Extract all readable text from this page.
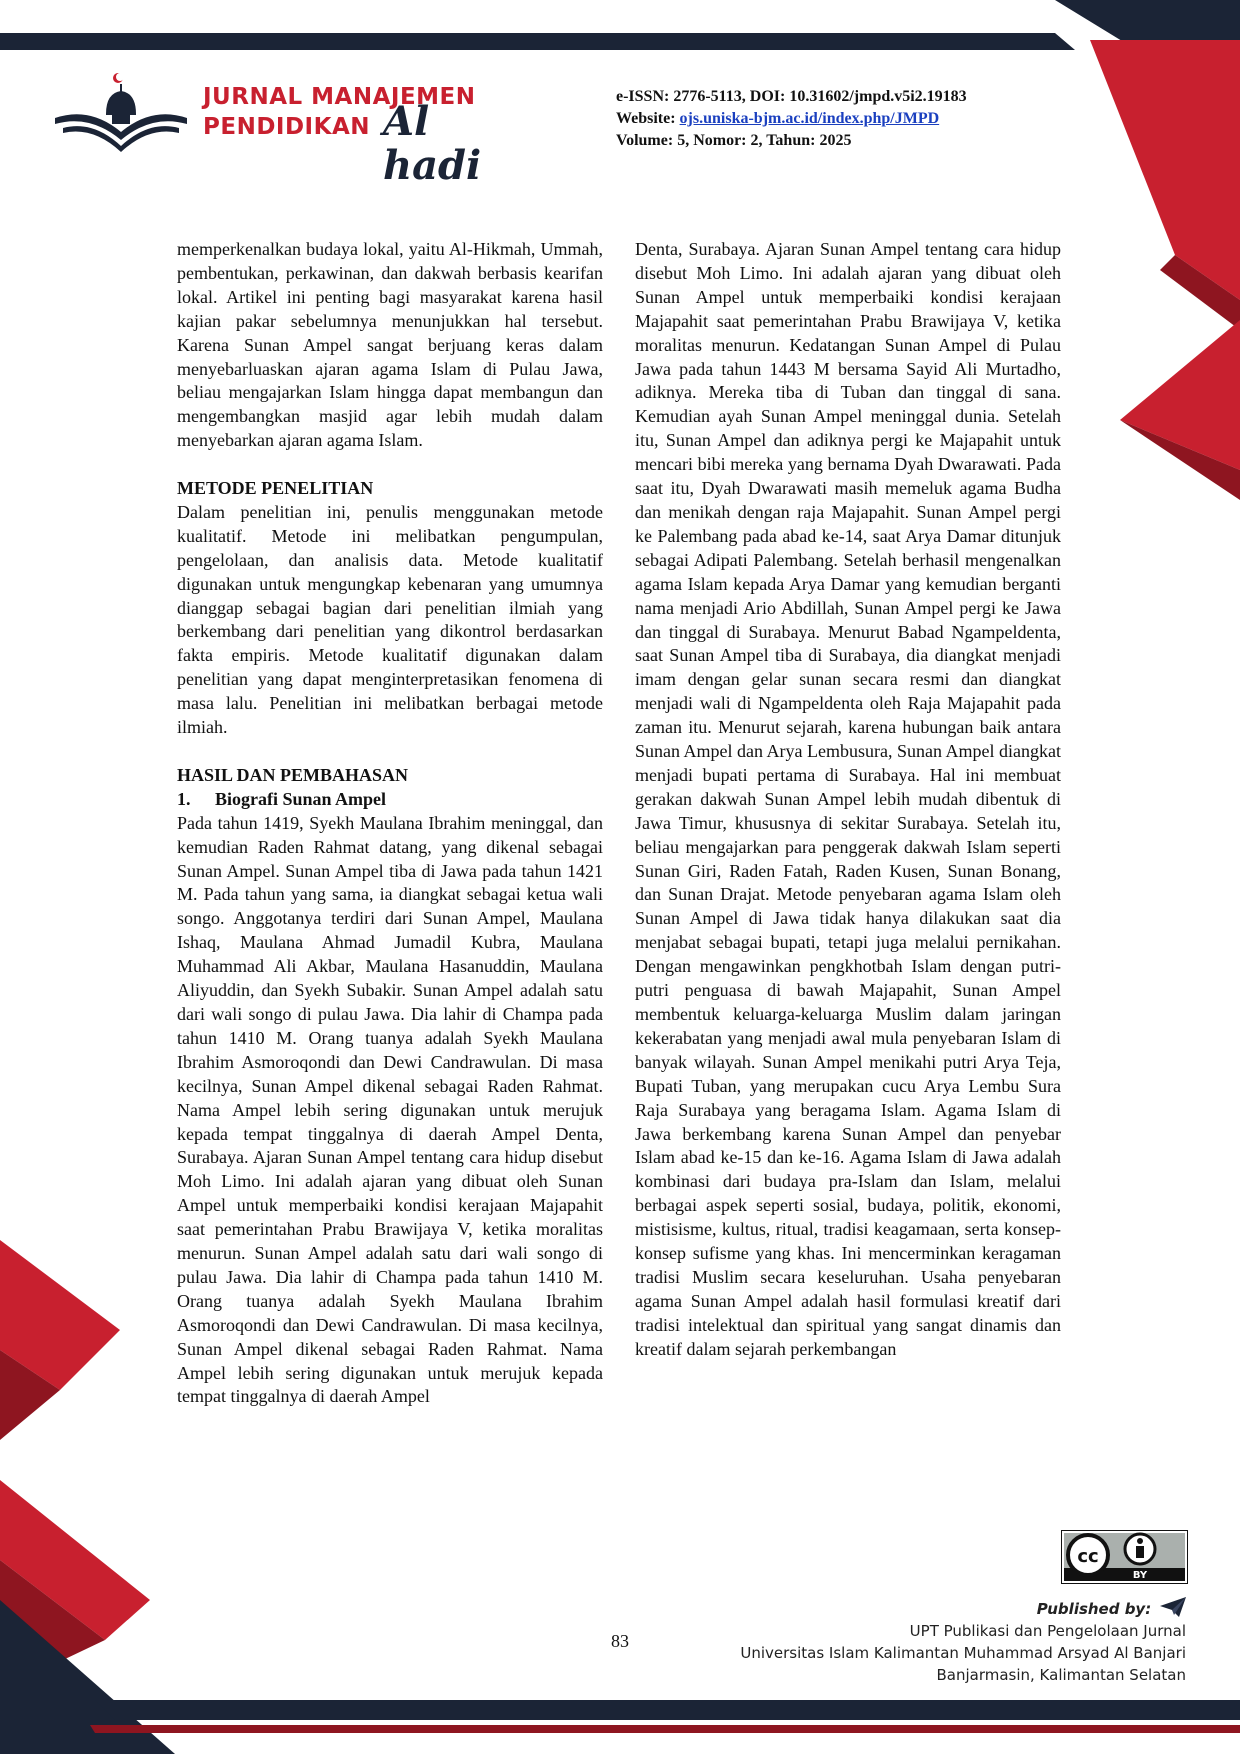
JURNAL MANAJEMEN
PENDIDIKAN Al hadi
e-ISSN: 2776-5113, DOI: 10.31602/jmpd.v5i2.19183
Website: ojs.uniska-bjm.ac.id/index.php/JMPD
Volume: 5, Nomor: 2, Tahun: 2025

memperkenalkan budaya lokal, yaitu Al-Hikmah, Ummah, pembentukan, perkawinan, dan dakwah berbasis kearifan lokal. Artikel ini penting bagi masyarakat karena hasil kajian pakar sebelumnya menunjukkan hal tersebut. Karena Sunan Ampel sangat berjuang keras dalam menyebarluaskan ajaran agama Islam di Pulau Jawa, beliau mengajarkan Islam hingga dapat membangun dan mengembangkan masjid agar lebih mudah dalam menyebarkan ajaran agama Islam.

METODE PENELITIAN

Dalam penelitian ini, penulis menggunakan metode kualitatif. Metode ini melibatkan pengumpulan, pengelolaan, dan analisis data. Metode kualitatif digunakan untuk mengungkap kebenaran yang umumnya dianggap sebagai bagian dari penelitian ilmiah yang berkembang dari penelitian yang dikontrol berdasarkan fakta empiris. Metode kualitatif digunakan dalam penelitian yang dapat menginterpretasikan fenomena di masa lalu. Penelitian ini melibatkan berbagai metode ilmiah.

HASIL DAN PEMBAHASAN
1. Biografi Sunan Ampel

Pada tahun 1419, Syekh Maulana Ibrahim meninggal, dan kemudian Raden Rahmat datang, yang dikenal sebagai Sunan Ampel. Sunan Ampel tiba di Jawa pada tahun 1421 M. Pada tahun yang sama, ia diangkat sebagai ketua wali songo. Anggotanya terdiri dari Sunan Ampel, Maulana Ishaq, Maulana Ahmad Jumadil Kubra, Maulana Muhammad Ali Akbar, Maulana Hasanuddin, Maulana Aliyuddin, dan Syekh Subakir. Sunan Ampel adalah satu dari wali songo di pulau Jawa. Dia lahir di Champa pada tahun 1410 M. Orang tuanya adalah Syekh Maulana Ibrahim Asmoroqondi dan Dewi Candrawulan. Di masa kecilnya, Sunan Ampel dikenal sebagai Raden Rahmat. Nama Ampel lebih sering digunakan untuk merujuk kepada tempat tinggalnya di daerah Ampel Denta, Surabaya. Ajaran Sunan Ampel tentang cara hidup disebut Moh Limo. Ini adalah ajaran yang dibuat oleh Sunan Ampel untuk memperbaiki kondisi kerajaan Majapahit saat pemerintahan Prabu Brawijaya V, ketika moralitas menurun. Sunan Ampel adalah satu dari wali songo di pulau Jawa. Dia lahir di Champa pada tahun 1410 M. Orang tuanya adalah Syekh Maulana Ibrahim Asmoroqondi dan Dewi Candrawulan. Di masa kecilnya, Sunan Ampel dikenal sebagai Raden Rahmat. Nama Ampel lebih sering digunakan untuk merujuk kepada tempat tinggalnya di daerah Ampel

Denta, Surabaya. Ajaran Sunan Ampel tentang cara hidup disebut Moh Limo. Ini adalah ajaran yang dibuat oleh Sunan Ampel untuk memperbaiki kondisi kerajaan Majapahit saat pemerintahan Prabu Brawijaya V, ketika moralitas menurun. Kedatangan Sunan Ampel di Pulau Jawa pada tahun 1443 M bersama Sayid Ali Murtadho, adiknya. Mereka tiba di Tuban dan tinggal di sana. Kemudian ayah Sunan Ampel meninggal dunia. Setelah itu, Sunan Ampel dan adiknya pergi ke Majapahit untuk mencari bibi mereka yang bernama Dyah Dwarawati. Pada saat itu, Dyah Dwarawati masih memeluk agama Budha dan menikah dengan raja Majapahit. Sunan Ampel pergi ke Palembang pada abad ke-14, saat Arya Damar ditunjuk sebagai Adipati Palembang. Setelah berhasil mengenalkan agama Islam kepada Arya Damar yang kemudian berganti nama menjadi Ario Abdillah, Sunan Ampel pergi ke Jawa dan tinggal di Surabaya. Menurut Babad Ngampeldenta, saat Sunan Ampel tiba di Surabaya, dia diangkat menjadi imam dengan gelar sunan secara resmi dan diangkat menjadi wali di Ngampeldenta oleh Raja Majapahit pada zaman itu. Menurut sejarah, karena hubungan baik antara Sunan Ampel dan Arya Lembusura, Sunan Ampel diangkat menjadi bupati pertama di Surabaya. Hal ini membuat gerakan dakwah Sunan Ampel lebih mudah dibentuk di Jawa Timur, khususnya di sekitar Surabaya. Setelah itu, beliau mengajarkan para penggerak dakwah Islam seperti Sunan Giri, Raden Fatah, Raden Kusen, Sunan Bonang, dan Sunan Drajat. Metode penyebaran agama Islam oleh Sunan Ampel di Jawa tidak hanya dilakukan saat dia menjabat sebagai bupati, tetapi juga melalui pernikahan. Dengan mengawinkan pengkhotbah Islam dengan putri-putri penguasa di bawah Majapahit, Sunan Ampel membentuk keluarga-keluarga Muslim dalam jaringan kekerabatan yang menjadi awal mula penyebaran Islam di banyak wilayah. Sunan Ampel menikahi putri Arya Teja, Bupati Tuban, yang merupakan cucu Arya Lembu Sura Raja Surabaya yang beragama Islam. Agama Islam di Jawa berkembang karena Sunan Ampel dan penyebar Islam abad ke-15 dan ke-16. Agama Islam di Jawa adalah kombinasi dari budaya pra-Islam dan Islam, melalui berbagai aspek seperti sosial, budaya, politik, ekonomi, mistisisme, kultus, ritual, tradisi keagamaan, serta konsep-konsep sufisme yang khas. Ini mencerminkan keragaman tradisi Muslim secara keseluruhan. Usaha penyebaran agama Sunan Ampel adalah hasil formulasi kreatif dari tradisi intelektual dan spiritual yang sangat dinamis dan kreatif dalam sejarah perkembangan

cc
BY
Published by:
UPT Publikasi dan Pengelolaan Jurnal
Universitas Islam Kalimantan Muhammad Arsyad Al Banjari
Banjarmasin, Kalimantan Selatan
83
